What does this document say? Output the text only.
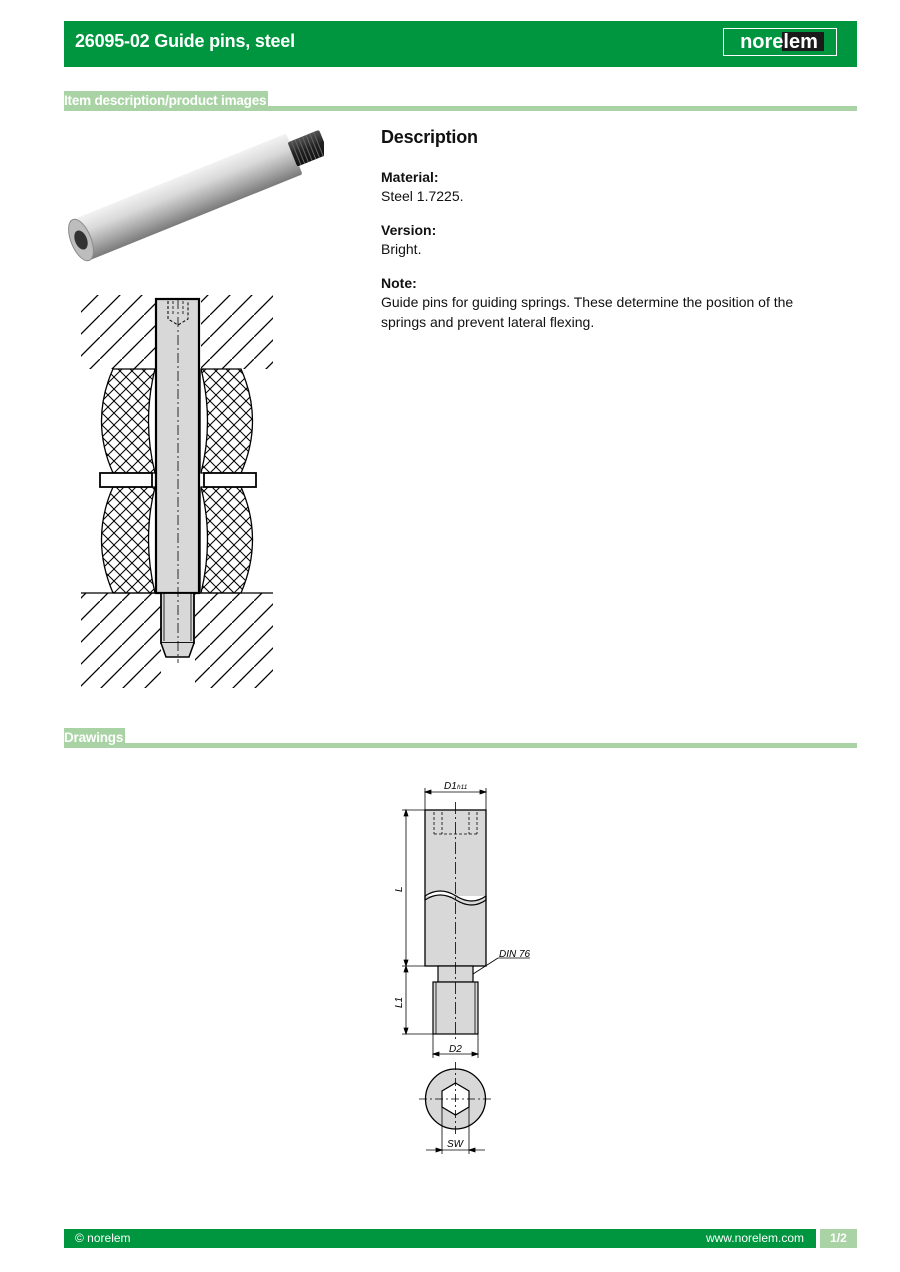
26095-02 Guide pins, steel	norelem
Item description/product images
Description
Material:

Steel 1.7225.

Version:

Bright.

Note:

Guide pins for guiding springs. These determine the position of the springs and prevent lateral flexing.

Drawings
D1 h11
L
L1
D2
DIN 76
SW
© norelem	www.norelem.com	1/2
